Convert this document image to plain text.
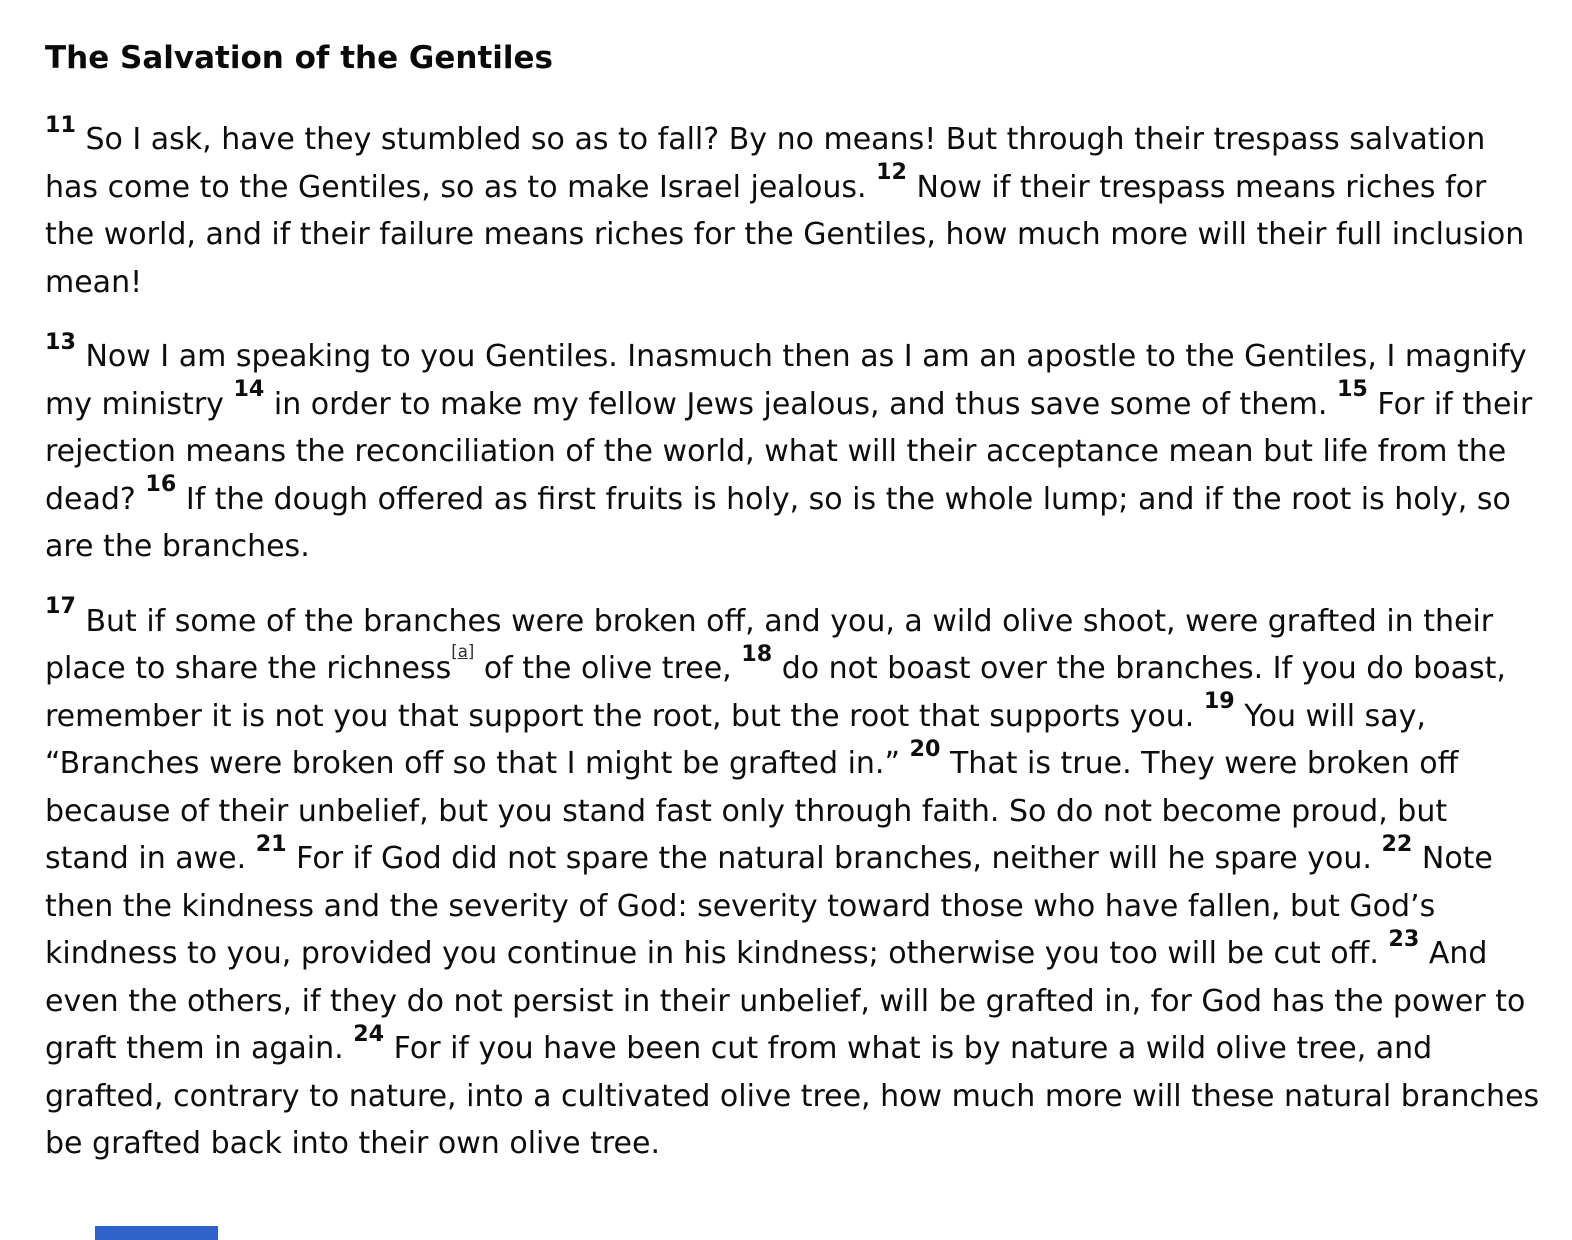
The Salvation of the Gentiles

$^{11}$ So I ask, have they stumbled so as to fall? By no means! But through their trespass salvation has come to the Gentiles, so as to make Israel jealous. $^{12}$ Now if their trespass means riches for the world, and if their failure means riches for the Gentiles, how much more will their full inclusion mean!

$^{13}$ Now I am speaking to you Gentiles. Inasmuch then as I am an apostle to the Gentiles, I magnify my ministry $^{14}$ in order to make my fellow Jews jealous, and thus save some of them. $^{15}$ For if their rejection means the reconciliation of the world, what will their acceptance mean but life from the dead? $^{16}$ If the dough offered as first fruits is holy, so is the whole lump; and if the root is holy, so are the branches.

$^{17}$ But if some of the branches were broken off, and you, a wild olive shoot, were grafted in their place to share the richness[a] of the olive tree, $^{18}$ do not boast over the branches. If you do boast, remember it is not you that support the root, but the root that supports you. $^{19}$ You will say, “Branches were broken off so that I might be grafted in.” $^{20}$ That is true. They were broken off because of their unbelief, but you stand fast only through faith. So do not become proud, but stand in awe. $^{21}$ For if God did not spare the natural branches, neither will he spare you. $^{22}$ Note then the kindness and the severity of God: severity toward those who have fallen, but God’s kindness to you, provided you continue in his kindness; otherwise you too will be cut off. $^{23}$ And even the others, if they do not persist in their unbelief, will be grafted in, for God has the power to graft them in again. $^{24}$ For if you have been cut from what is by nature a wild olive tree, and grafted, contrary to nature, into a cultivated olive tree, how much more will these natural branches be grafted back into their own olive tree.
